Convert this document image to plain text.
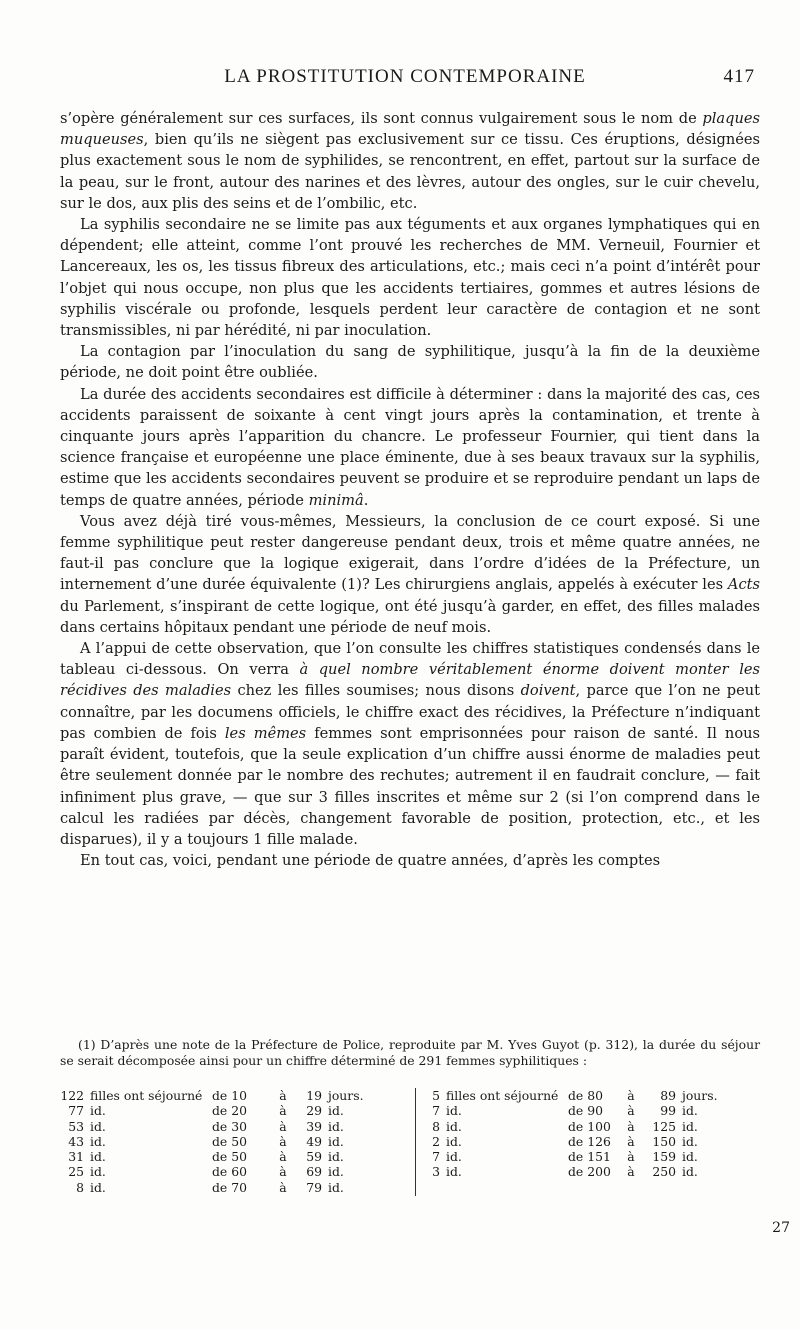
LA PROSTITUTION CONTEMPORAINE	417

s’opère généralement sur ces surfaces, ils sont connus vulgairement sous le nom de plaques muqueuses, bien qu’ils ne siègent pas exclusivement sur ce tissu. Ces éruptions, désignées plus exactement sous le nom de syphilides, se rencontrent, en effet, partout sur la surface de la peau, sur le front, autour des narines et des lèvres, autour des ongles, sur le cuir chevelu, sur le dos, aux plis des seins et de l’ombilic, etc.

La syphilis secondaire ne se limite pas aux téguments et aux organes lymphatiques qui en dépendent; elle atteint, comme l’ont prouvé les recherches de MM. Verneuil, Fournier et Lancereaux, les os, les tissus fibreux des articulations, etc.; mais ceci n’a point d’intérêt pour l’objet qui nous occupe, non plus que les accidents tertiaires, gommes et autres lésions de syphilis viscérale ou profonde, lesquels perdent leur caractère de contagion et ne sont transmissibles, ni par hérédité, ni par inoculation.

La contagion par l’inoculation du sang de syphilitique, jusqu’à la fin de la deuxième période, ne doit point être oubliée.

La durée des accidents secondaires est difficile à déterminer : dans la majorité des cas, ces accidents paraissent de soixante à cent vingt jours après la contamination, et trente à cinquante jours après l’apparition du chancre. Le professeur Fournier, qui tient dans la science française et européenne une place éminente, due à ses beaux travaux sur la syphilis, estime que les accidents secondaires peuvent se produire et se reproduire pendant un laps de temps de quatre années, période minimâ.

Vous avez déjà tiré vous-mêmes, Messieurs, la conclusion de ce court exposé. Si une femme syphilitique peut rester dangereuse pendant deux, trois et même quatre années, ne faut-il pas conclure que la logique exigerait, dans l’ordre d’idées de la Préfecture, un internement d’une durée équivalente (1)? Les chirurgiens anglais, appelés à exécuter les Acts du Parlement, s’inspirant de cette logique, ont été jusqu’à garder, en effet, des filles malades dans certains hôpitaux pendant une période de neuf mois.

A l’appui de cette observation, que l’on consulte les chiffres statistiques condensés dans le tableau ci-dessous. On verra à quel nombre véritablement énorme doivent monter les récidives des maladies chez les filles soumises; nous disons doivent, parce que l’on ne peut connaître, par les documens officiels, le chiffre exact des récidives, la Préfecture n’indiquant pas combien de fois les mêmes femmes sont emprisonnées pour raison de santé. Il nous paraît évident, toutefois, que la seule explication d’un chiffre aussi énorme de maladies peut être seulement donnée par le nombre des rechutes; autrement il en faudrait conclure, — fait infiniment plus grave, — que sur 3 filles inscrites et même sur 2 (si l’on comprend dans le calcul les radiées par décès, changement favorable de position, protection, etc., et les disparues), il y a toujours 1 fille malade.

En tout cas, voici, pendant une période de quatre années, d’après les comptes

(1) D’après une note de la Préfecture de Police, reproduite par M. Yves Guyot (p. 312), la durée du séjour se serait décomposée ainsi pour un chiffre déterminé de 291 femmes syphilitiques :

122 filles ont séjourné de 10	à	19 jours.
77 id.	de 20	à	29 id.
53 id.	de 30	à	39 id.
43 id.	de 50	à	49 id.
31 id.	de 50	à	59 id.
25 id.	de 60	à	69 id.
8 id.	de 70	à	79 id.
5 filles ont séjourné de 80	à	89 jours.
7 id.	de 90	à	99 id.
8 id.	de 100	à	125 id.
2 id.	de 126	à	150 id.
7 id.	de 151	à	159 id.
3 id.	de 200	à	250 id.
27
